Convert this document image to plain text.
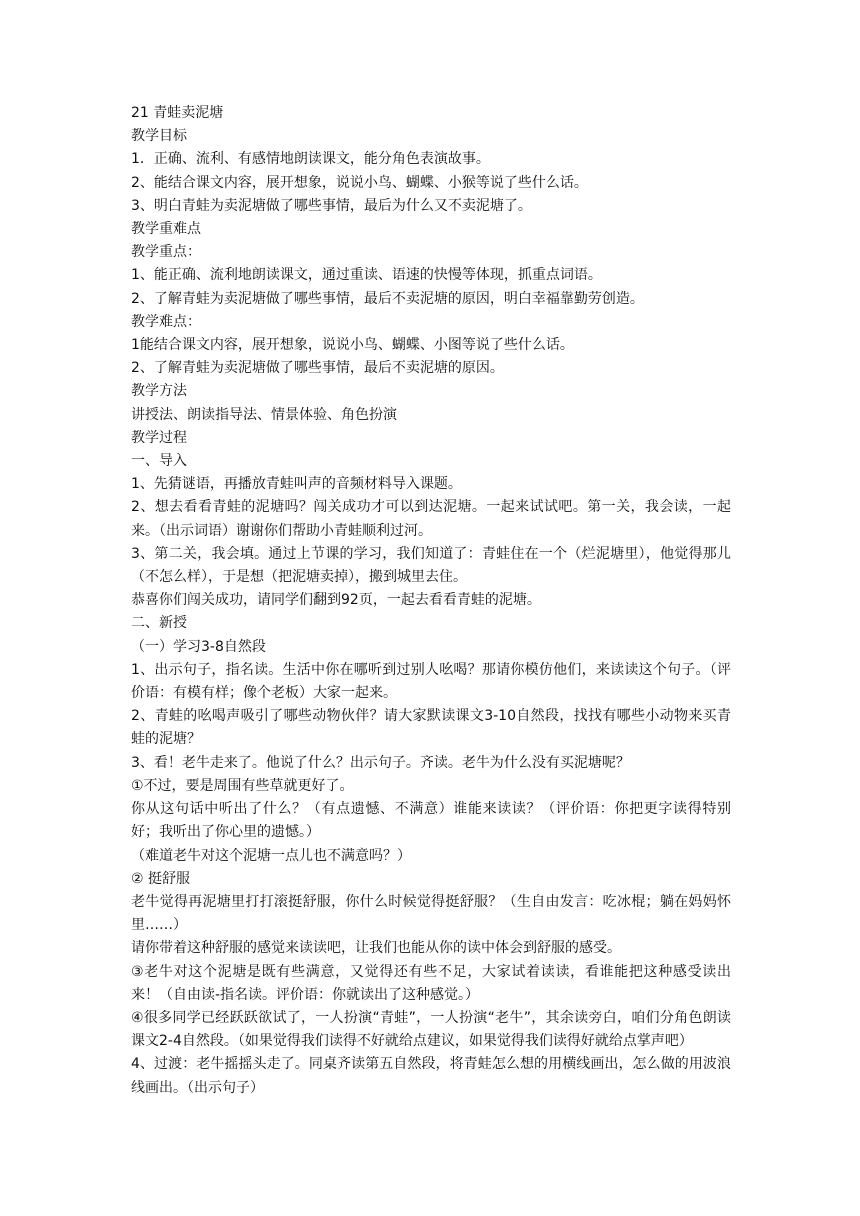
21 青蛙卖泥塘

教学目标

1．正确、流利、有感情地朗读课文，能分角色表演故事。

2、能结合课文内容，展开想象，说说小鸟、蝴蝶、小猴等说了些什么话。

3、明白青蛙为卖泥塘做了哪些事情，最后为什么又不卖泥塘了。

教学重难点

教学重点：

1、能正确、流利地朗读课文，通过重读、语速的快慢等体现，抓重点词语。

2、了解青蛙为卖泥塘做了哪些事情，最后不卖泥塘的原因，明白幸福靠勤劳创造。

教学难点：

1能结合课文内容，展开想象，说说小鸟、蝴蝶、小图等说了些什么话。

2、了解青蛙为卖泥塘做了哪些事情，最后不卖泥塘的原因。

教学方法

讲授法、朗读指导法、情景体验、角色扮演

教学过程

一、导入

1、先猜谜语，再播放青蛙叫声的音频材料导入课题。

2、想去看看青蛙的泥塘吗？闯关成功才可以到达泥塘。一起来试试吧。第一关，我会读，一起来。（出示词语）谢谢你们帮助小青蛙顺利过河。

3、第二关，我会填。通过上节课的学习，我们知道了：青蛙住在一个（烂泥塘里），他觉得那儿（不怎么样），于是想（把泥塘卖掉），搬到城里去住。

恭喜你们闯关成功，请同学们翻到92页，一起去看看青蛙的泥塘。

二、新授

（一）学习3-8自然段

1、出示句子，指名读。生活中你在哪听到过别人吆喝？那请你模仿他们，来读读这个句子。（评价语：有模有样；像个老板）大家一起来。

2、青蛙的吆喝声吸引了哪些动物伙伴？请大家默读课文3-10自然段，找找有哪些小动物来买青蛙的泥塘？

3、看！老牛走来了。他说了什么？出示句子。齐读。老牛为什么没有买泥塘呢？

①不过，要是周围有些草就更好了。

你从这句话中听出了什么？（有点遗憾、不满意）谁能来读读？（评价语：你把更字读得特别好；我听出了你心里的遗憾。）

（难道老牛对这个泥塘一点儿也不满意吗？）

② 挺舒服

老牛觉得再泥塘里打打滚挺舒服，你什么时候觉得挺舒服？（生自由发言：吃冰棍；躺在妈妈怀里……）

请你带着这种舒服的感觉来读读吧，让我们也能从你的读中体会到舒服的感受。

③老牛对这个泥塘是既有些满意，又觉得还有些不足，大家试着读读，看谁能把这种感受读出来！（自由读-指名读。评价语：你就读出了这种感觉。）

④很多同学已经跃跃欲试了，一人扮演“青蛙”，一人扮演“老牛”，其余读旁白，咱们分角色朗读课文2-4自然段。（如果觉得我们读得不好就给点建议，如果觉得我们读得好就给点掌声吧）

4、过渡：老牛摇摇头走了。同桌齐读第五自然段，将青蛙怎么想的用横线画出，怎么做的用波浪线画出。（出示句子）
